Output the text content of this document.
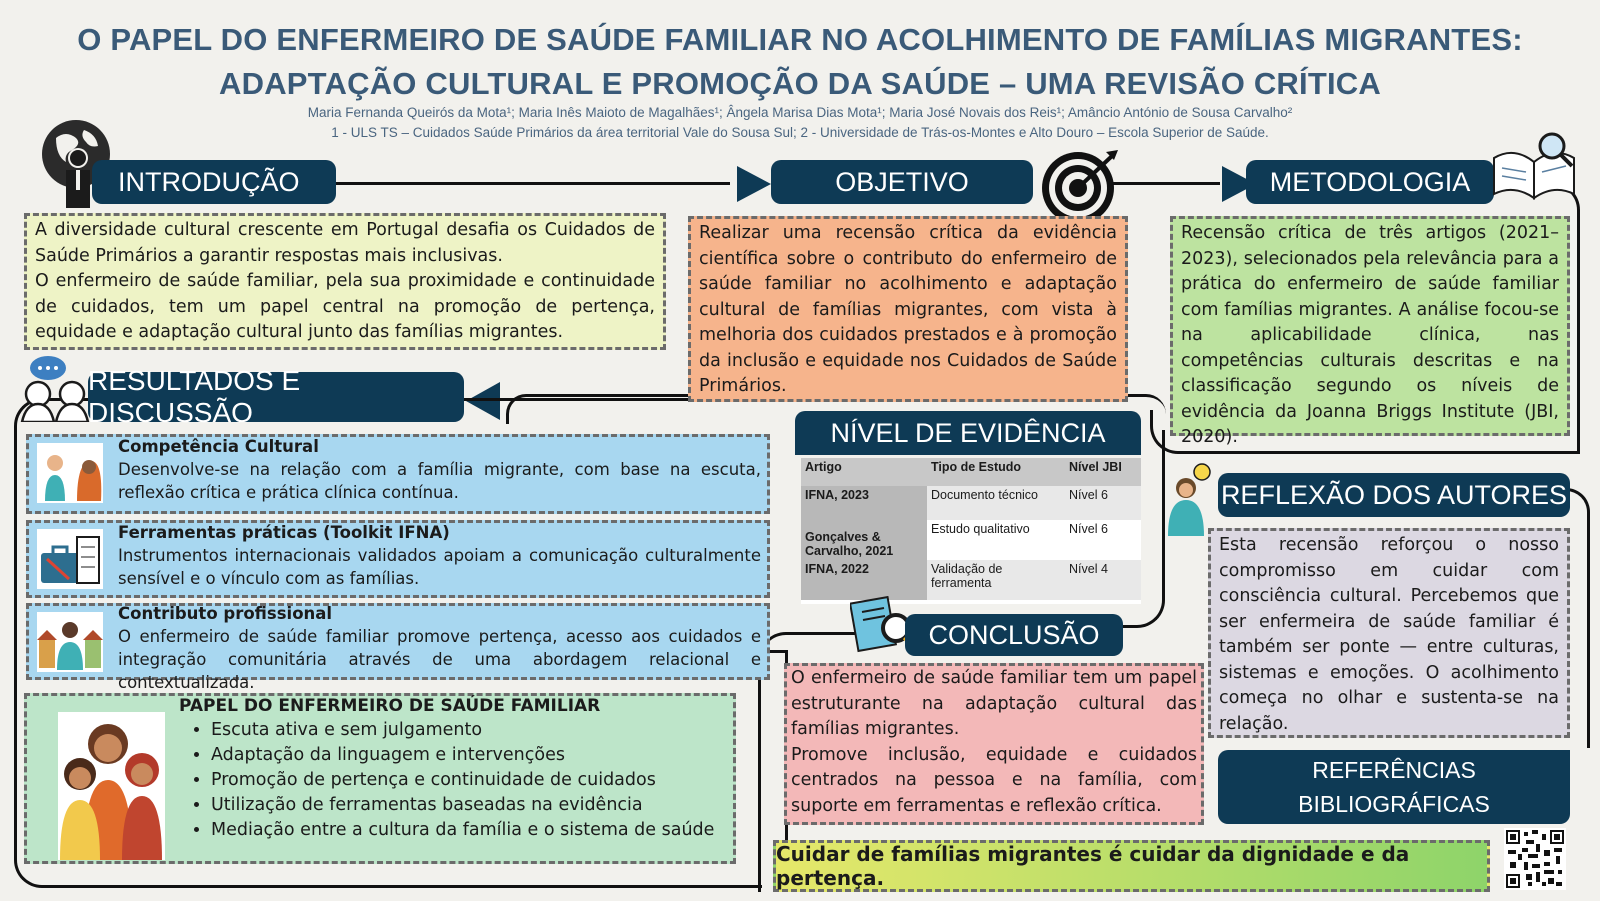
O PAPEL DO ENFERMEIRO DE SAÚDE FAMILIAR NO ACOLHIMENTO DE FAMÍLIAS MIGRANTES:
ADAPTAÇÃO CULTURAL E PROMOÇÃO DA SAÚDE – UMA REVISÃO CRÍTICA
Maria Fernanda Queirós da Mota¹; Maria Inês Maioto de Magalhães¹; Ângela Marisa Dias Mota¹; Maria José Novais dos Reis¹; Amâncio António de Sousa Carvalho²
1 - ULS TS – Cuidados Saúde Primários da área territorial Vale do Sousa Sul; 2 - Universidade de Trás-os-Montes e Alto Douro – Escola Superior de Saúde.
INTRODUÇÃO
A diversidade cultural crescente em Portugal desafia os Cuidados de Saúde Primários a garantir respostas mais inclusivas.
O enfermeiro de saúde familiar, pela sua proximidade e continuidade de cuidados, tem um papel central na promoção de pertença, equidade e adaptação cultural junto das famílias migrantes.
OBJETIVO
Realizar uma recensão crítica da evidência científica sobre o contributo do enfermeiro de saúde familiar no acolhimento e adaptação cultural de famílias migrantes, com vista à melhoria dos cuidados prestados e à promoção da inclusão e equidade nos Cuidados de Saúde Primários.
METODOLOGIA
Recensão crítica de três artigos (2021–2023), selecionados pela relevância para a prática do enfermeiro de saúde familiar com famílias migrantes. A análise focou-se na aplicabilidade clínica, nas competências culturais descritas e na classificação segundo os níveis de evidência da Joanna Briggs Institute (JBI, 2020).
RESULTADOS E DISCUSSÃO
Competência Cultural
Desenvolve-se na relação com a família migrante, com base na escuta, reflexão crítica e prática clínica contínua.
Ferramentas práticas (Toolkit IFNA)
Instrumentos internacionais validados apoiam a comunicação culturalmente sensível e o vínculo com as famílias.
Contributo profissional
O enfermeiro de saúde familiar promove pertença, acesso aos cuidados e integração comunitária através de uma abordagem relacional e contextualizada.
PAPEL DO ENFERMEIRO DE SAÚDE FAMILIAR
• Escuta ativa e sem julgamento
• Adaptação da linguagem e intervenções
• Promoção de pertença e continuidade de cuidados
• Utilização de ferramentas baseadas na evidência
• Mediação entre a cultura da família e o sistema de saúde
NÍVEL DE EVIDÊNCIA
Artigo	Tipo de Estudo	Nível JBI
IFNA, 2023	Documento técnico	Nível 6
Gonçalves & Carvalho, 2021	Estudo qualitativo	Nível 6
IFNA, 2022	Validação de ferramenta	Nível 4
CONCLUSÃO
O enfermeiro de saúde familiar tem um papel estruturante na adaptação cultural das famílias migrantes.
Promove inclusão, equidade e cuidados centrados na pessoa e na família, com suporte em ferramentas e reflexão crítica.
REFLEXÃO DOS AUTORES
Esta recensão reforçou o nosso compromisso em cuidar com consciência cultural. Percebemos que ser enfermeira de saúde familiar é também ser ponte — entre culturas, sistemas e emoções. O acolhimento começa no olhar e sustenta-se na relação.
REFERÊNCIAS
BIBLIOGRÁFICAS
Cuidar de famílias migrantes é cuidar da dignidade e da pertença.
